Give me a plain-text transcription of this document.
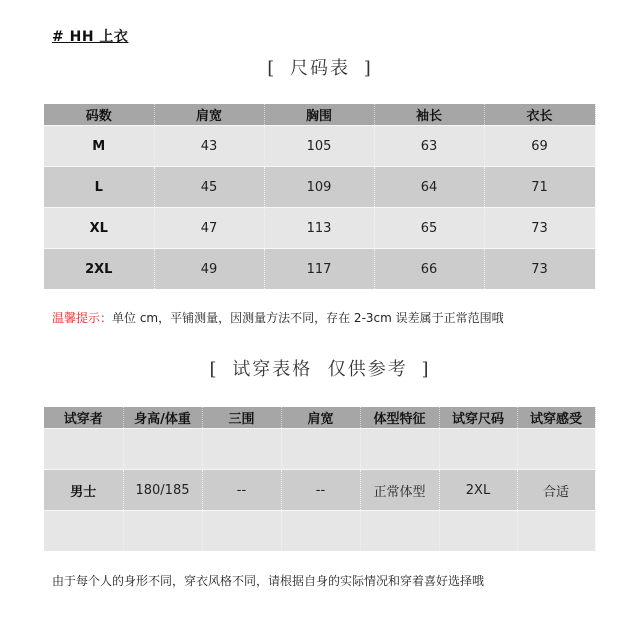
# HH 上衣
[ 尺码表 ]
码数	肩宽	胸围	袖长	衣长
M	43	105	63	69
L	45	109	64	71
XL	47	113	65	73
2XL	49	117	66	73
温馨提示：单位 cm，平铺测量，因测量方法不同，存在 2-3cm 误差属于正常范围哦
[ 试穿表格  仅供参考 ]
试穿者	身高/体重	三围	肩宽	体型特征	试穿尺码	试穿感受

男士	180/185	--	--	正常体型	2XL	合适

由于每个人的身形不同，穿衣风格不同，请根据自身的实际情况和穿着喜好选择哦
